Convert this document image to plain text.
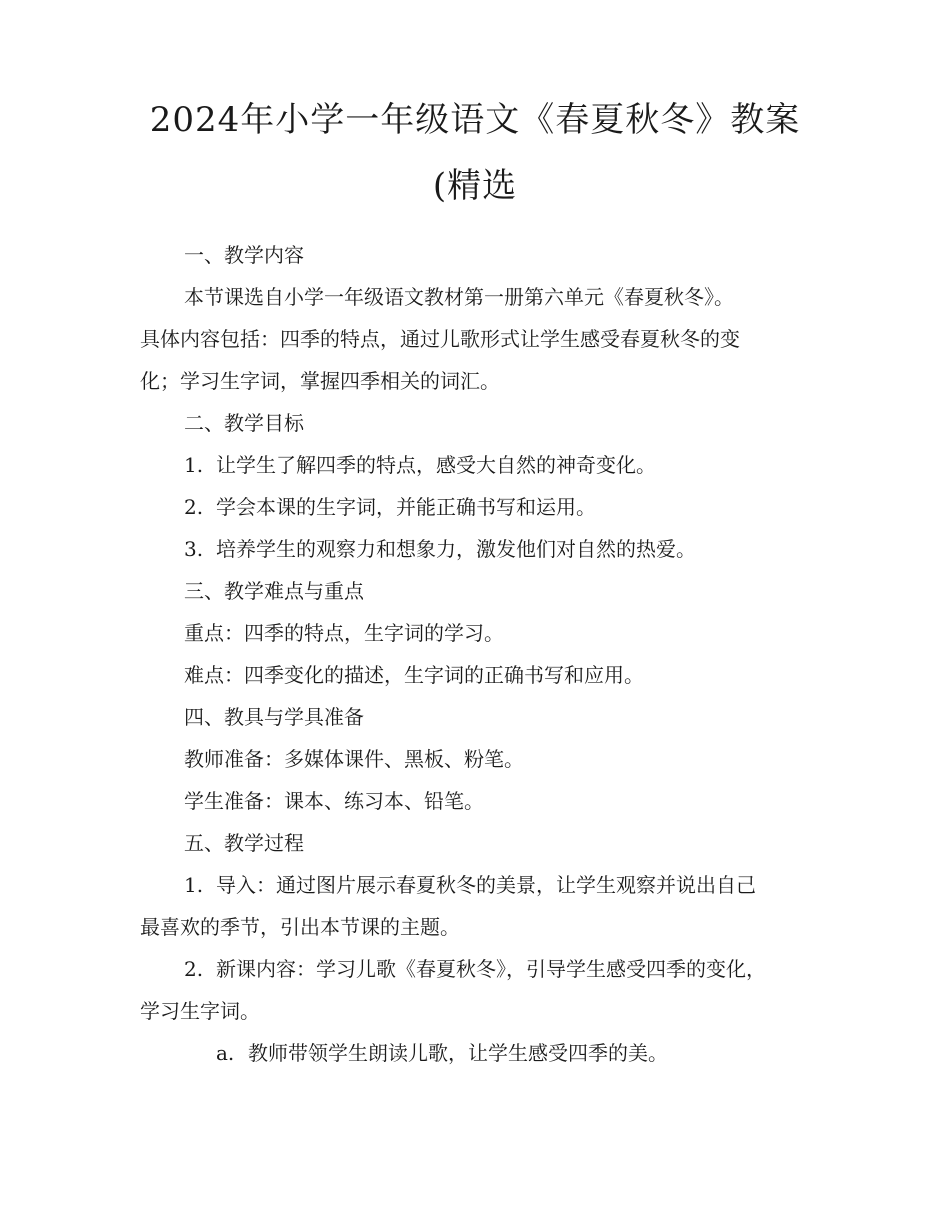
2024年小学一年级语文《春夏秋冬》教案
(精选

一、教学内容

本节课选自小学一年级语文教材第一册第六单元《春夏秋冬》。

具体内容包括：四季的特点，通过儿歌形式让学生感受春夏秋冬的变

化；学习生字词，掌握四季相关的词汇。

二、教学目标

1. 让学生了解四季的特点，感受大自然的神奇变化。

2. 学会本课的生字词，并能正确书写和运用。

3. 培养学生的观察力和想象力，激发他们对自然的热爱。

三、教学难点与重点

重点：四季的特点，生字词的学习。

难点：四季变化的描述，生字词的正确书写和应用。

四、教具与学具准备

教师准备：多媒体课件、黑板、粉笔。

学生准备：课本、练习本、铅笔。

五、教学过程

1. 导入：通过图片展示春夏秋冬的美景，让学生观察并说出自己

最喜欢的季节，引出本节课的主题。

2. 新课内容：学习儿歌《春夏秋冬》，引导学生感受四季的变化，

学习生字词。

a. 教师带领学生朗读儿歌，让学生感受四季的美。
